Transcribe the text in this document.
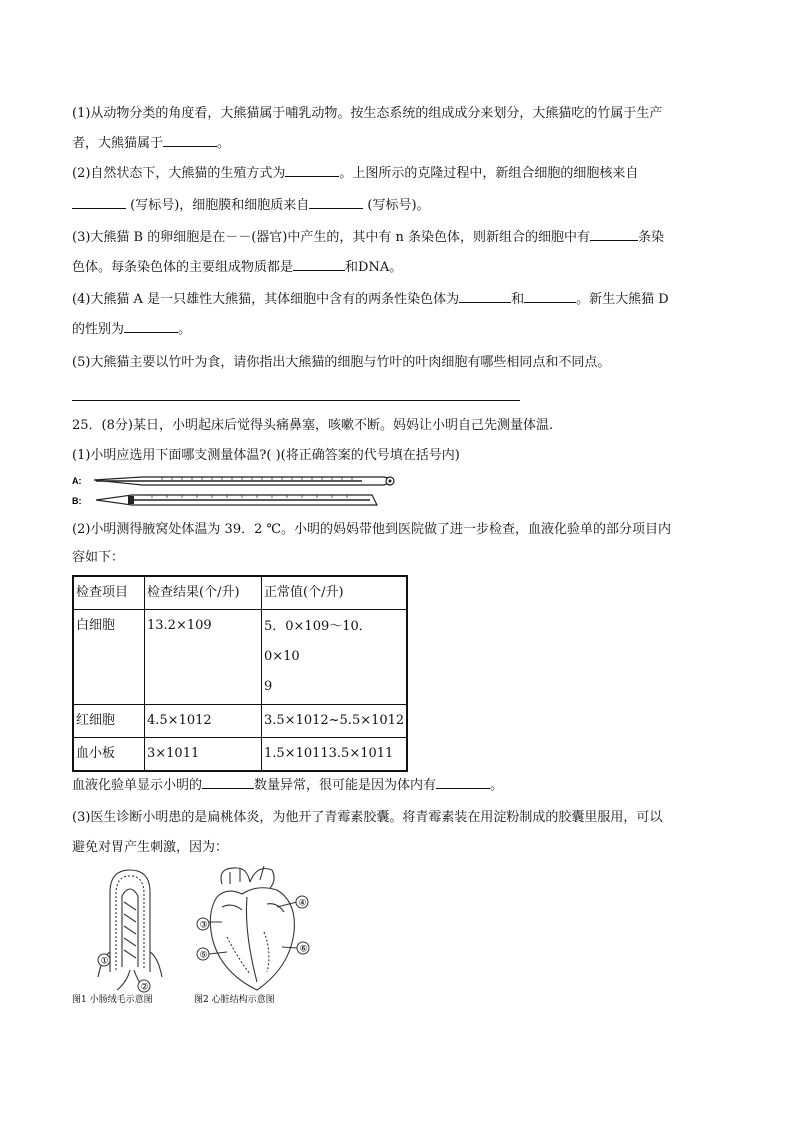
(1)从动物分类的角度看，大熊猫属于哺乳动物。按生态系统的组成成分来划分，大熊猫吃的竹属于生产
者，大熊猫属于	。
(2)自然状态下，大熊猫的生殖方式为	。上图所示的克隆过程中，新组合细胞的细胞核来自
(写标号)，细胞膜和细胞质来自	(写标号)。
(3)大熊猫 B 的卵细胞是在－－(器官)中产生的，其中有 n 条染色体，则新组合的细胞中有	条染
色体。每条染色体的主要组成物质都是	和DNA。
(4)大熊猫 A 是一只雄性大熊猫，其体细胞中含有的两条性染色体为	和	。新生大熊猫 D
的性别为	。
(5)大熊猫主要以竹叶为食，请你指出大熊猫的细胞与竹叶的叶肉细胞有哪些相同点和不同点。
25．(8分)某日，小明起床后觉得头痛鼻塞，咳嗽不断。妈妈让小明自己先测量体温.
(1)小明应选用下面哪支测量体温?( )(将正确答案的代号填在括号内)
A:
B:
(2)小明测得腋窝处体温为 39．2 ℃。小明的妈妈带他到医院做了进一步检查，血液化验单的部分项目内
容如下：
检查项目	检查结果(个/升)	正常值(个/升)
白细胞	13.2×109	5．0×109～10．0×10
9

红细胞	4.5×1012	3.5×1012~5.5×1012
血小板	3×1011	1.5×10113.5×1011
血液化验单显示小明的	数量异常，很可能是因为体内有	。
(3)医生诊断小明患的是扁桃体炎，为他开了青霉素胶囊。将青霉素装在用淀粉制成的胶囊里服用，可以
避免对胃产生刺激，因为：
①
②
③
④
⑤
⑥
图1 小肠绒毛示意图	图2 心脏结构示意图
